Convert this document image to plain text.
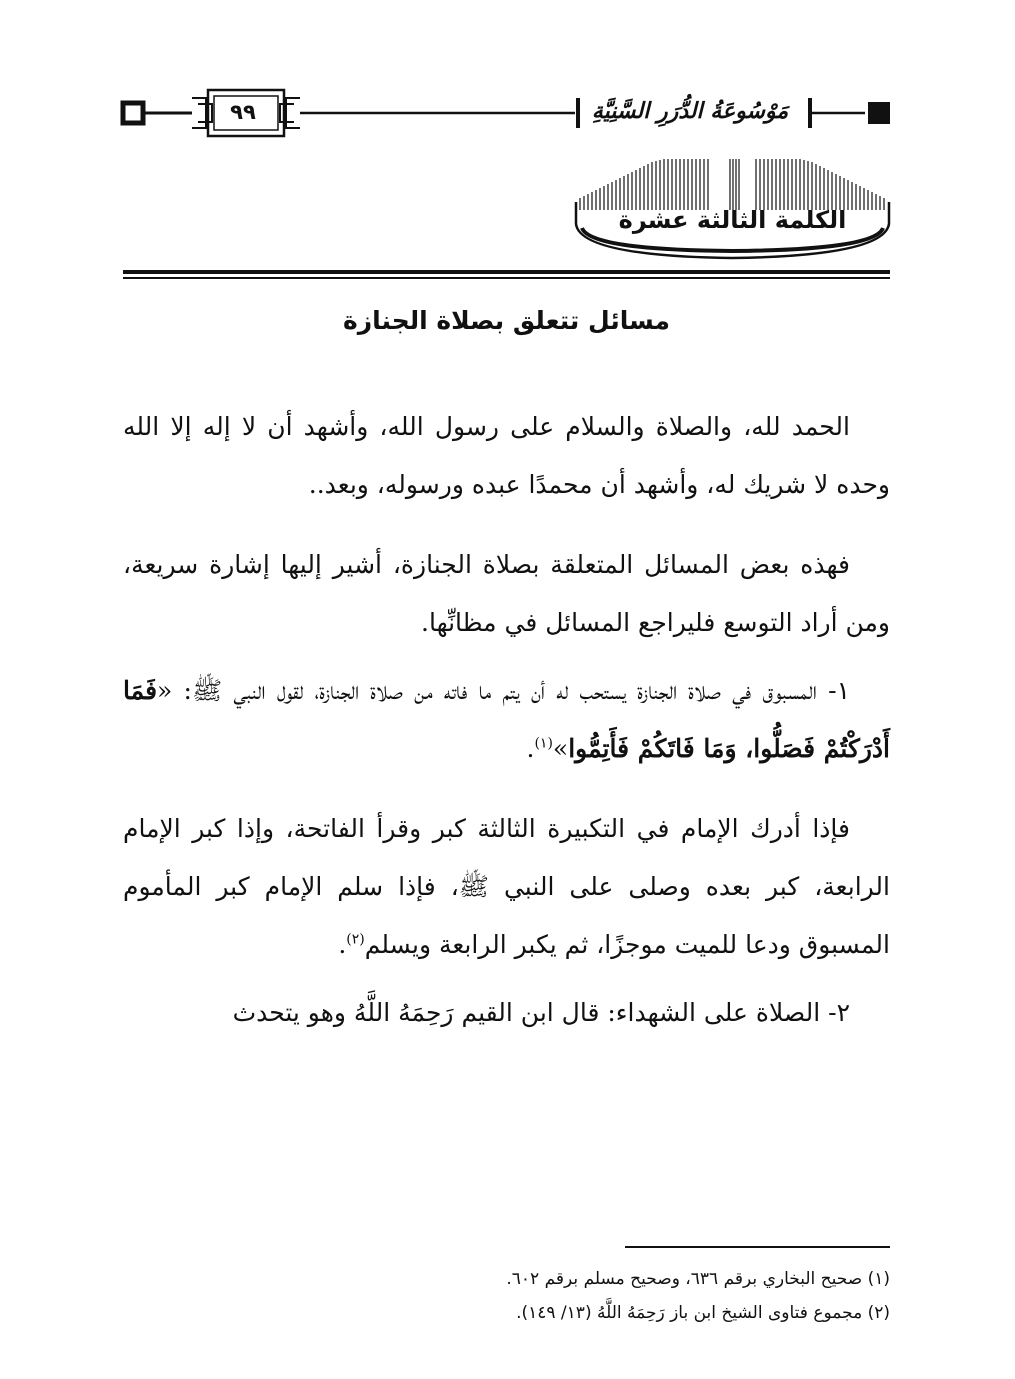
٩٩	مَوْسُوعَةُ الدُّرَرِ السَّنِيَّةِ
الكلمة الثالثة عشرة
مسائل تتعلق بصلاة الجنازة

الحمد لله، والصلاة والسلام على رسول الله، وأشهد أن لا إله إلا الله وحده لا شريك له، وأشهد أن محمدًا عبده ورسوله، وبعد..

فهذه بعض المسائل المتعلقة بصلاة الجنازة، أشير إليها إشارة سريعة، ومن أراد التوسع فليراجع المسائل في مظانِّها.

١- المسبوق في صلاة الجنازة يستحب له أن يتم ما فاته من صلاة الجنازة، لقول النبي ﷺ: «فَمَا أَدْرَكْتُمْ فَصَلُّوا، وَمَا فَاتَكُمْ فَأَتِمُّوا»$^{(١)}$.

فإذا أدرك الإمام في التكبيرة الثالثة كبر وقرأ الفاتحة، وإذا كبر الإمام الرابعة، كبر بعده وصلى على النبي ﷺ، فإذا سلم الإمام كبر المأموم المسبوق ودعا للميت موجزًا، ثم يكبر الرابعة ويسلم$^{(٢)}$.

٢- الصلاة على الشهداء: قال ابن القيم رَحِمَهُ اللَّهُ وهو يتحدث

(١) صحيح البخاري برقم ٦٣٦، وصحيح مسلم برقم ٦٠٢.

(٢) مجموع فتاوى الشيخ ابن باز رَحِمَهُ اللَّهُ (١٣/ ١٤٩).
